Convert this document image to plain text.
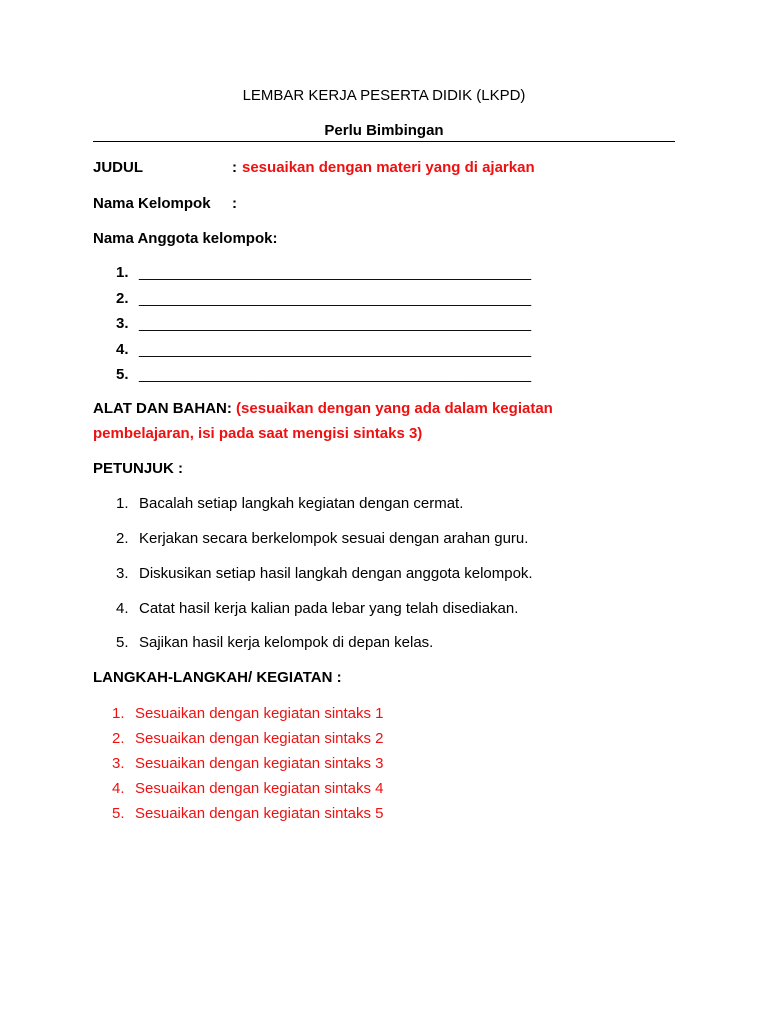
LEMBAR KERJA PESERTA DIDIK (LKPD)
Perlu Bimbingan
JUDUL	: sesuaikan dengan materi yang di ajarkan
Nama Kelompok :
Nama Anggota kelompok:
1. _______________________________________________
2. _______________________________________________
3. _______________________________________________
4. _______________________________________________
5. _______________________________________________
ALAT DAN BAHAN: (sesuaikan dengan yang ada dalam kegiatan
pembelajaran, isi pada saat mengisi sintaks 3)
PETUNJUK :
1. Bacalah setiap langkah kegiatan dengan cermat.
2. Kerjakan secara berkelompok sesuai dengan arahan guru.
3. Diskusikan setiap hasil langkah dengan anggota kelompok.
4. Catat hasil kerja kalian pada lebar yang telah disediakan.
5. Sajikan hasil kerja kelompok di depan kelas.
LANGKAH-LANGKAH/ KEGIATAN :
1. Sesuaikan dengan kegiatan sintaks 1
2. Sesuaikan dengan kegiatan sintaks 2
3. Sesuaikan dengan kegiatan sintaks 3
4. Sesuaikan dengan kegiatan sintaks 4
5. Sesuaikan dengan kegiatan sintaks 5
